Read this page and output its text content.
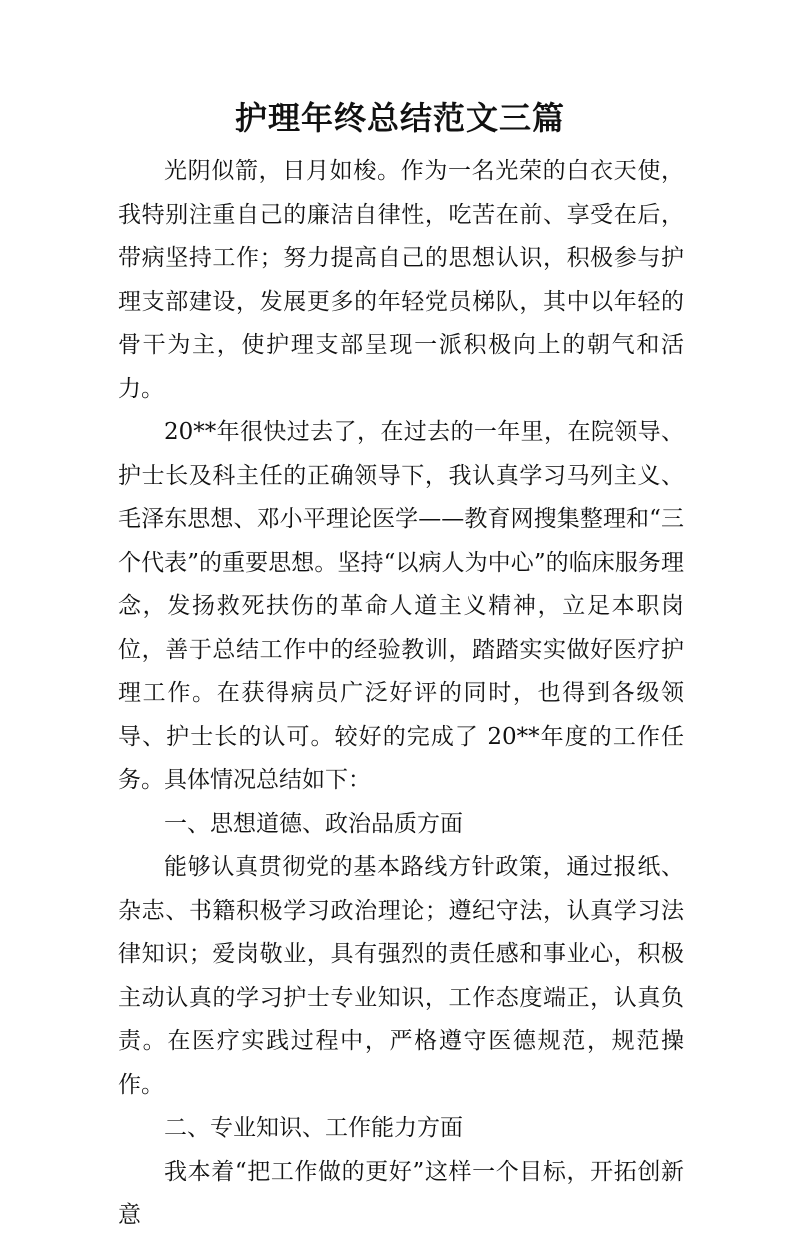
护理年终总结范文三篇

光阴似箭，日月如梭。作为一名光荣的白衣天使，我特别注重自己的廉洁自律性，吃苦在前、享受在后，带病坚持工作；努力提高自己的思想认识，积极参与护理支部建设，发展更多的年轻党员梯队，其中以年轻的骨干为主，使护理支部呈现一派积极向上的朝气和活力。

20**年很快过去了，在过去的一年里，在院领导、护士长及科主任的正确领导下，我认真学习马列主义、毛泽东思想、邓小平理论医学——教育网搜集整理和“三个代表”的重要思想。坚持“以病人为中心”的临床服务理念，发扬救死扶伤的革命人道主义精神，立足本职岗位，善于总结工作中的经验教训，踏踏实实做好医疗护理工作。在获得病员广泛好评的同时，也得到各级领导、护士长的认可。较好的完成了 20**年度的工作任务。具体情况总结如下：

一、思想道德、政治品质方面

能够认真贯彻党的基本路线方针政策，通过报纸、杂志、书籍积极学习政治理论；遵纪守法，认真学习法律知识；爱岗敬业，具有强烈的责任感和事业心，积极主动认真的学习护士专业知识，工作态度端正，认真负责。在医疗实践过程中，严格遵守医德规范，规范操作。

二、专业知识、工作能力方面

我本着“把工作做的更好”这样一个目标，开拓创新意
